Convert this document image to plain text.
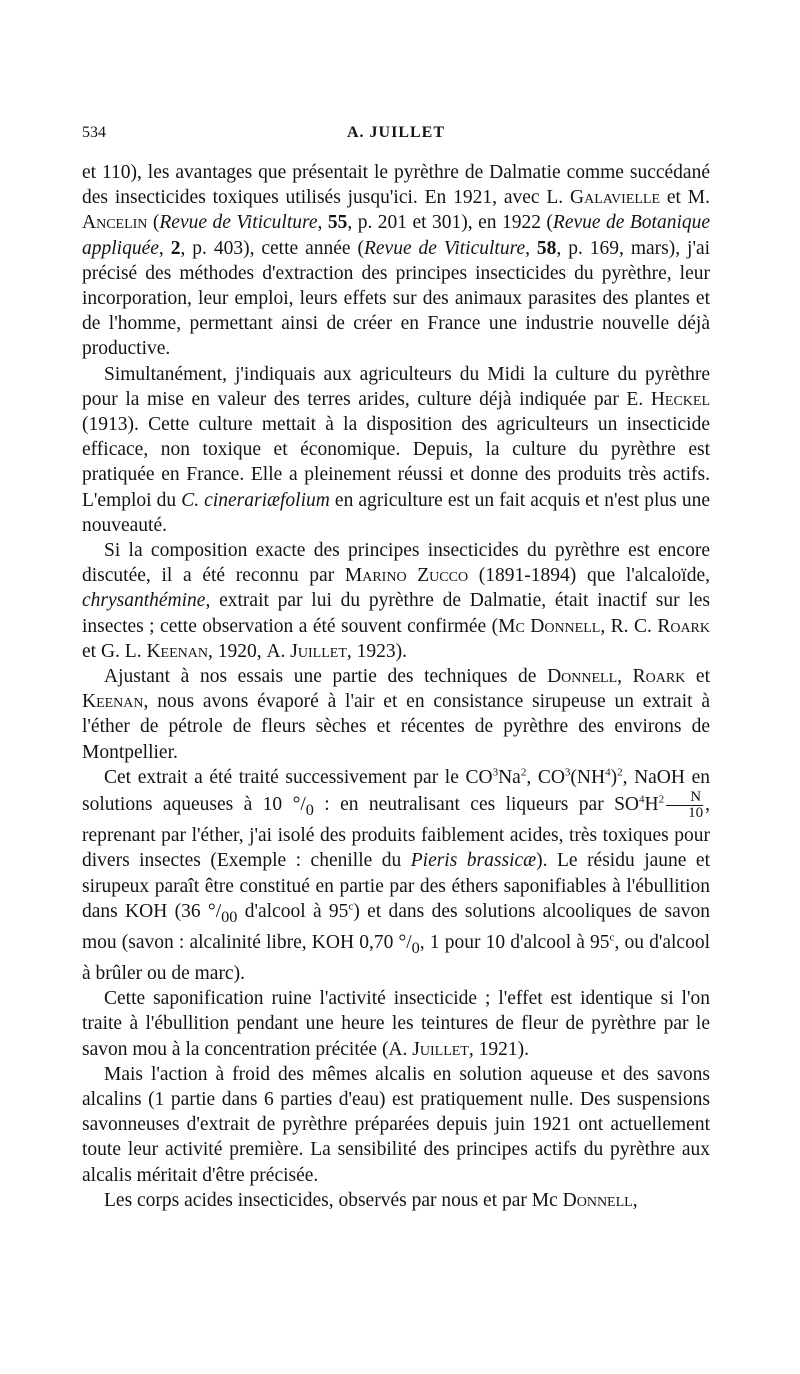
534	A. JUILLET

et 110), les avantages que présentait le pyrèthre de Dalmatie comme succédané des insecticides toxiques utilisés jusqu'ici. En 1921, avec L. Galavielle et M. Ancelin (Revue de Viticulture, 55, p. 201 et 301), en 1922 (Revue de Botanique appliquée, 2, p. 403), cette année (Revue de Viticulture, 58, p. 169, mars), j'ai précisé des méthodes d'extraction des principes insecticides du pyrèthre, leur incorporation, leur emploi, leurs effets sur des animaux parasites des plantes et de l'homme, permettant ainsi de créer en France une industrie nouvelle déjà productive.

Simultanément, j'indiquais aux agriculteurs du Midi la culture du pyrèthre pour la mise en valeur des terres arides, culture déjà indiquée par E. Heckel (1913). Cette culture mettait à la disposition des agriculteurs un insecticide efficace, non toxique et économique. Depuis, la culture du pyrèthre est pratiquée en France. Elle a pleinement réussi et donne des produits très actifs. L'emploi du C. cinerariæfolium en agriculture est un fait acquis et n'est plus une nouveauté.

Si la composition exacte des principes insecticides du pyrèthre est encore discutée, il a été reconnu par Marino Zucco (1891-1894) que l'alcaloïde, chrysanthémine, extrait par lui du pyrèthre de Dalmatie, était inactif sur les insectes ; cette observation a été souvent confirmée (Mc Donnell, R. C. Roark et G. L. Keenan, 1920, A. Juillet, 1923).

Ajustant à nos essais une partie des techniques de Donnell, Roark et Keenan, nous avons évaporé à l'air et en consistance sirupeuse un extrait à l'éther de pétrole de fleurs sèches et récentes de pyrèthre des environs de Montpellier.

Cet extrait a été traité successivement par le $CO^3Na^2$, $CO^3(NH^4)^2$, NaOH en solutions aqueuses à 10 $^\circ/_0$ : en neutralisant ces liqueurs par $SO^4H^2 \frac{N}{10}$ , reprenant par l'éther, j'ai isolé des produits faiblement acides, très toxiques pour divers insectes (Exemple : chenille du Pieris brassicæ). Le résidu jaune et sirupeux paraît être constitué en partie par des éthers saponifiables à l'ébullition dans KOH (36 $^\circ/_{00}$ d'alcool à 95$^c$) et dans des solutions alcooliques de savon mou (savon : alcalinité libre, KOH 0,70 $^\circ/_0$, 1 pour 10 d'alcool à 95$^c$, ou d'alcool à brûler ou de marc).

Cette saponification ruine l'activité insecticide ; l'effet est identique si l'on traite à l'ébullition pendant une heure les teintures de fleur de pyrèthre par le savon mou à la concentration précitée (A. Juillet, 1921).

Mais l'action à froid des mêmes alcalis en solution aqueuse et des savons alcalins (1 partie dans 6 parties d'eau) est pratiquement nulle. Des suspensions savonneuses d'extrait de pyrèthre préparées depuis juin 1921 ont actuellement toute leur activité première. La sensibilité des principes actifs du pyrèthre aux alcalis méritait d'être précisée.

Les corps acides insecticides, observés par nous et par Mc Donnell,
